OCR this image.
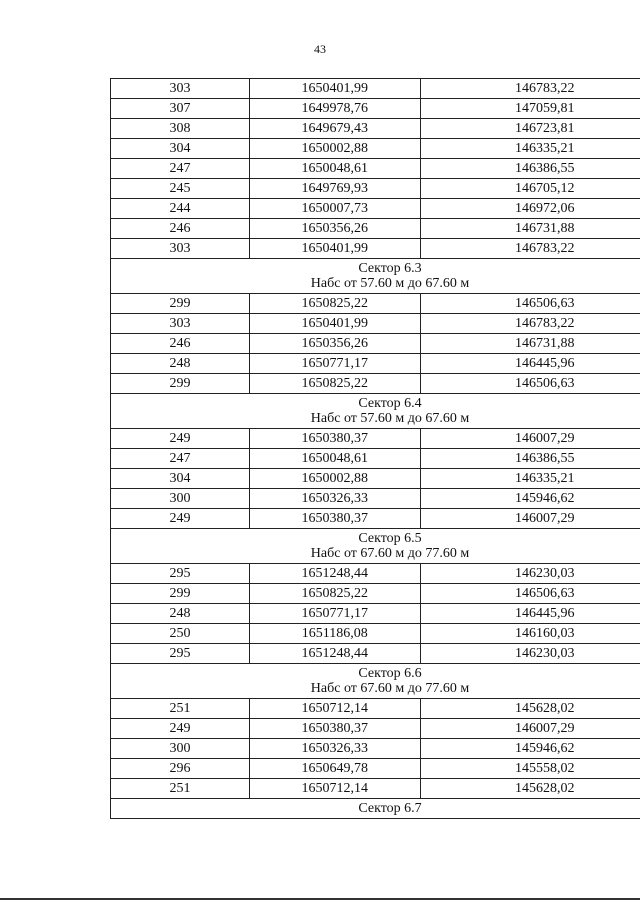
43
303	1650401,99	146783,22
307	1649978,76	147059,81
308	1649679,43	146723,81
304	1650002,88	146335,21
247	1650048,61	146386,55
245	1649769,93	146705,12
244	1650007,73	146972,06
246	1650356,26	146731,88
303	1650401,99	146783,22

Сектор 6.3
Набс от 57.60 м до 67.60 м		

299	1650825,22	146506,63
303	1650401,99	146783,22
246	1650356,26	146731,88
248	1650771,17	146445,96
299	1650825,22	146506,63

Сектор 6.4
Набс от 57.60 м до 67.60 м		

249	1650380,37	146007,29
247	1650048,61	146386,55
304	1650002,88	146335,21
300	1650326,33	145946,62
249	1650380,37	146007,29

Сектор 6.5
Набс от 67.60 м до 77.60 м		

295	1651248,44	146230,03
299	1650825,22	146506,63
248	1650771,17	146445,96
250	1651186,08	146160,03
295	1651248,44	146230,03

Сектор 6.6
Набс от 67.60 м до 77.60 м		

251	1650712,14	145628,02
249	1650380,37	146007,29
300	1650326,33	145946,62
296	1650649,78	145558,02
251	1650712,14	145628,02

Сектор 6.7		
